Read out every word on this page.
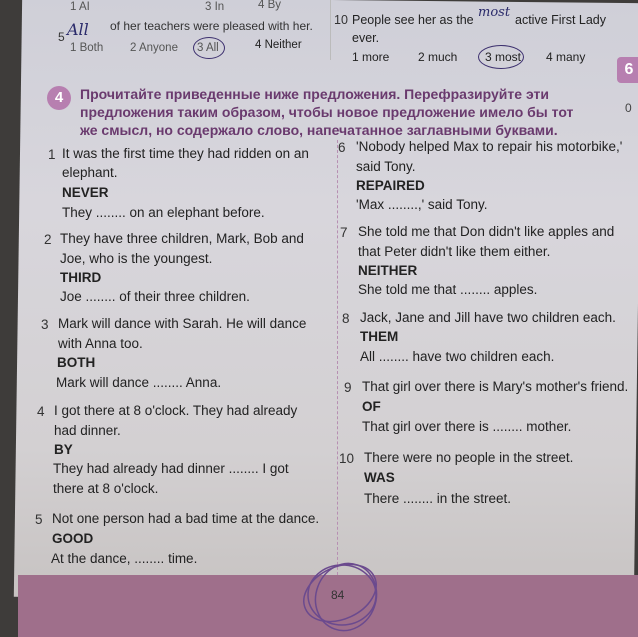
1 AI	3 In	4 By
5 All of her teachers were pleased with her.
1 Both 2 Anyone 3 All	4 Neither
10 People see her as the most active First Lady
ever.
1 more 2 much 3 most 4 many
6
0
4	Прочитайте приведенные ниже предложения. Перефразируйте эти
предложения таким образом, чтобы новое предложение имело бы тот
же смысл, но содержало слово, напечатанное заглавными буквами.
1 It was the first time they had ridden on an
elephant.
NEVER
They ........ on an elephant before.
2 They have three children, Mark, Bob and
Joe, who is the youngest.
THIRD
Joe ........ of their three children.
3 Mark will dance with Sarah. He will dance
with Anna too.
BOTH
Mark will dance ........ Anna.
4 I got there at 8 o'clock. They had already
had dinner.
BY
They had already had dinner ........ I got
there at 8 o'clock.
5 Not one person had a bad time at the dance.
GOOD
At the dance, ........ time.
6 'Nobody helped Max to repair his motorbike,'
said Tony.
REPAIRED
'Max ........,' said Tony.
7 She told me that Don didn't like apples and
that Peter didn't like them either.
NEITHER
She told me that ........ apples.
8 Jack, Jane and Jill have two children each.
THEM
All ........ have two children each.
9 That girl over there is Mary's mother's friend.
OF
That girl over there is ........ mother.
10 There were no people in the street.
WAS
There ........ in the street.
84
